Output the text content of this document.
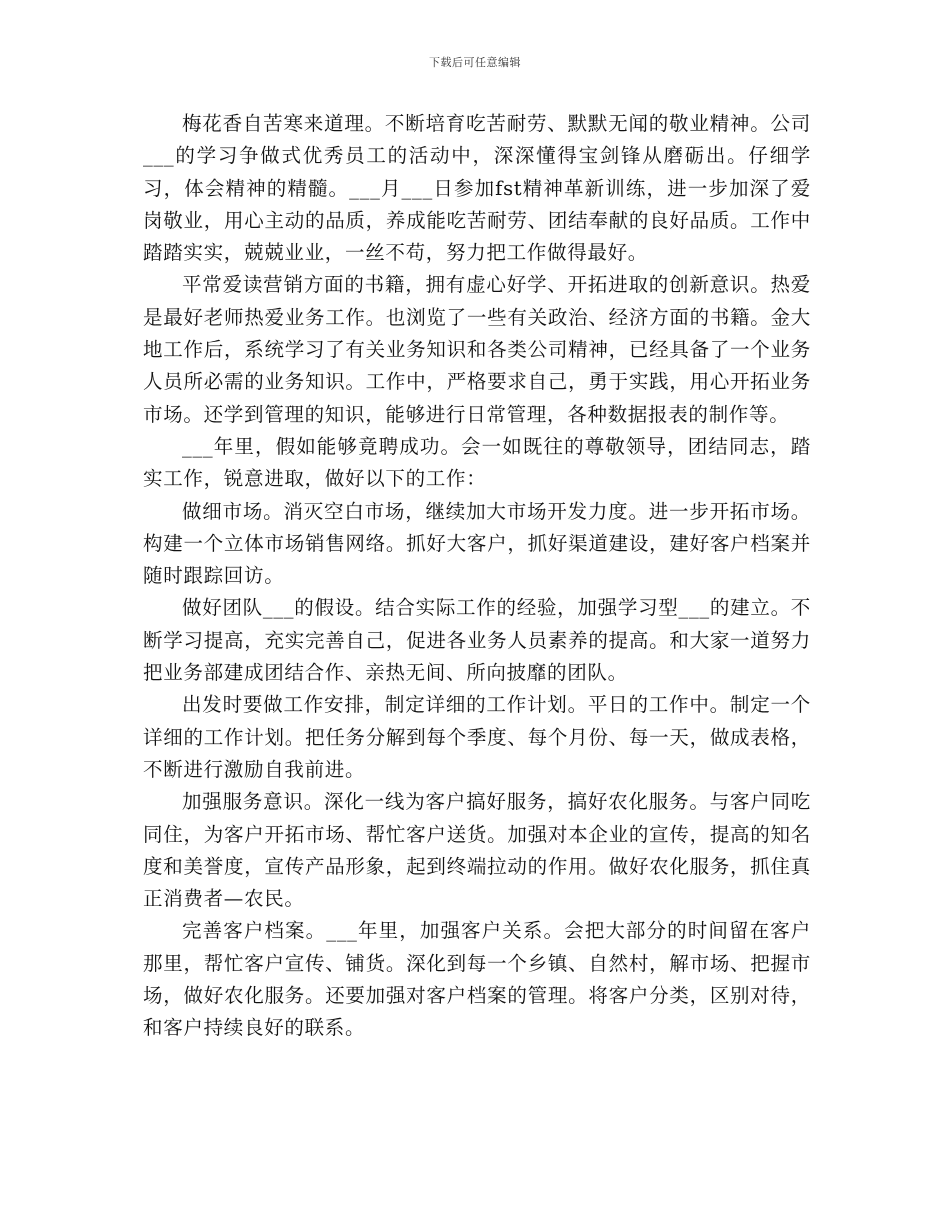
下载后可任意编辑

梅花香自苦寒来道理。不断培育吃苦耐劳、默默无闻的敬业精神。公司___的学习争做式优秀员工的活动中，深深懂得宝剑锋从磨砺出。仔细学习，体会精神的精髓。___月___日参加fst精神革新训练，进一步加深了爱岗敬业，用心主动的品质，养成能吃苦耐劳、团结奉献的良好品质。工作中踏踏实实，兢兢业业，一丝不苟，努力把工作做得最好。

平常爱读营销方面的书籍，拥有虚心好学、开拓进取的创新意识。热爱是最好老师热爱业务工作。也浏览了一些有关政治、经济方面的书籍。金大地工作后，系统学习了有关业务知识和各类公司精神，已经具备了一个业务人员所必需的业务知识。工作中，严格要求自己，勇于实践，用心开拓业务市场。还学到管理的知识，能够进行日常管理，各种数据报表的制作等。

___年里，假如能够竟聘成功。会一如既往的尊敬领导，团结同志，踏实工作，锐意进取，做好以下的工作：

做细市场。消灭空白市场，继续加大市场开发力度。进一步开拓市场。构建一个立体市场销售网络。抓好大客户，抓好渠道建设，建好客户档案并随时跟踪回访。

做好团队___的假设。结合实际工作的经验，加强学习型___的建立。不断学习提高，充实完善自己，促进各业务人员素养的提高。和大家一道努力把业务部建成团结合作、亲热无间、所向披靡的团队。

出发时要做工作安排，制定详细的工作计划。平日的工作中。制定一个详细的工作计划。把任务分解到每个季度、每个月份、每一天，做成表格，不断进行激励自我前进。

加强服务意识。深化一线为客户搞好服务，搞好农化服务。与客户同吃同住，为客户开拓市场、帮忙客户送货。加强对本企业的宣传，提高的知名度和美誉度，宣传产品形象，起到终端拉动的作用。做好农化服务，抓住真正消费者—农民。

完善客户档案。___年里，加强客户关系。会把大部分的时间留在客户那里，帮忙客户宣传、铺货。深化到每一个乡镇、自然村，解市场、把握市场，做好农化服务。还要加强对客户档案的管理。将客户分类，区别对待，和客户持续良好的联系。
